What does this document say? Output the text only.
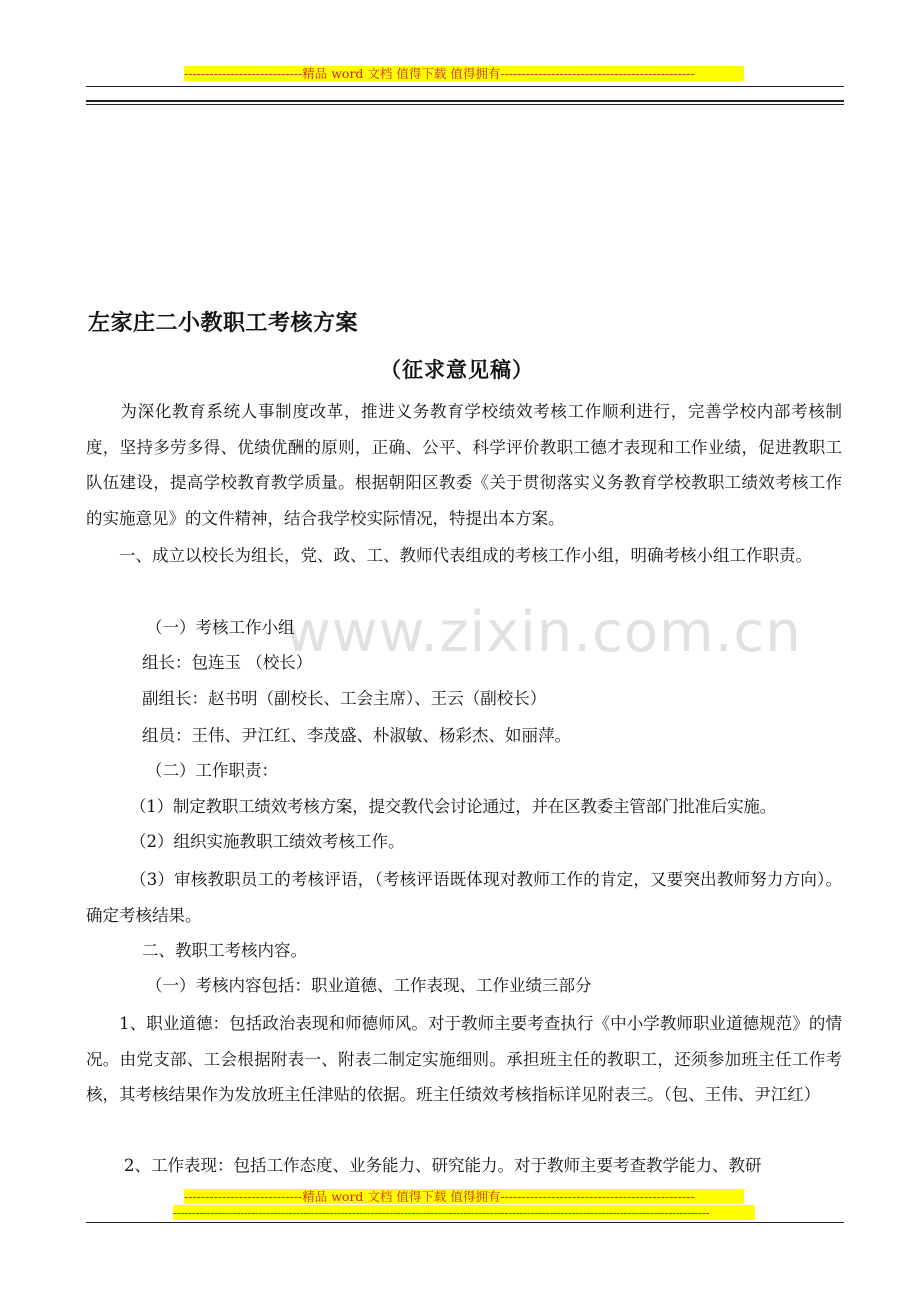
----------------------------精品 word 文档 值得下载 值得拥有----------------------------------------------
www.zixin.com.cn
左家庄二小教职工考核方案
（征求意见稿）
　　为深化教育系统人事制度改革，推进义务教育学校绩效考核工作顺利进行，完善学校内部考核制度，坚持多劳多得、优绩优酬的原则，正确、公平、科学评价教职工德才表现和工作业绩，促进教职工队伍建设，提高学校教育教学质量。根据朝阳区教委《关于贯彻落实义务教育学校教职工绩效考核工作的实施意见》的文件精神，结合我学校实际情况，特提出本方案。
　　一、成立以校长为组长，党、政、工、教师代表组成的考核工作小组，明确考核小组工作职责。
（一）考核工作小组
组长：包连玉 （校长）
副组长：赵书明（副校长、工会主席）、王云（副校长）
组员：王伟、尹江红、李茂盛、朴淑敏、杨彩杰、如丽萍。
（二）工作职责：
（1）制定教职工绩效考核方案，提交教代会讨论通过，并在区教委主管部门批准后实施。
（2）组织实施教职工绩效考核工作。
（3）审核教职员工的考核评语，（考核评语既体现对教师工作的肯定，又要突出教师努力方向）。确定考核结果。
二、教职工考核内容。
（一）考核内容包括：职业道德、工作表现、工作业绩三部分
　　1、职业道德：包括政治表现和师德师风。对于教师主要考查执行《中小学教师职业道德规范》的情况。由党支部、工会根据附表一、附表二制定实施细则。承担班主任的教职工，还须参加班主任工作考核，其考核结果作为发放班主任津贴的依据。班主任绩效考核指标详见附表三。（包、王伟、尹江红）
2、工作表现：包括工作态度、业务能力、研究能力。对于教师主要考查教学能力、教研
----------------------------精品 word 文档 值得下载 值得拥有----------------------------------------------
------------------------------------------------------------------------------------------------------------------------------------------------
